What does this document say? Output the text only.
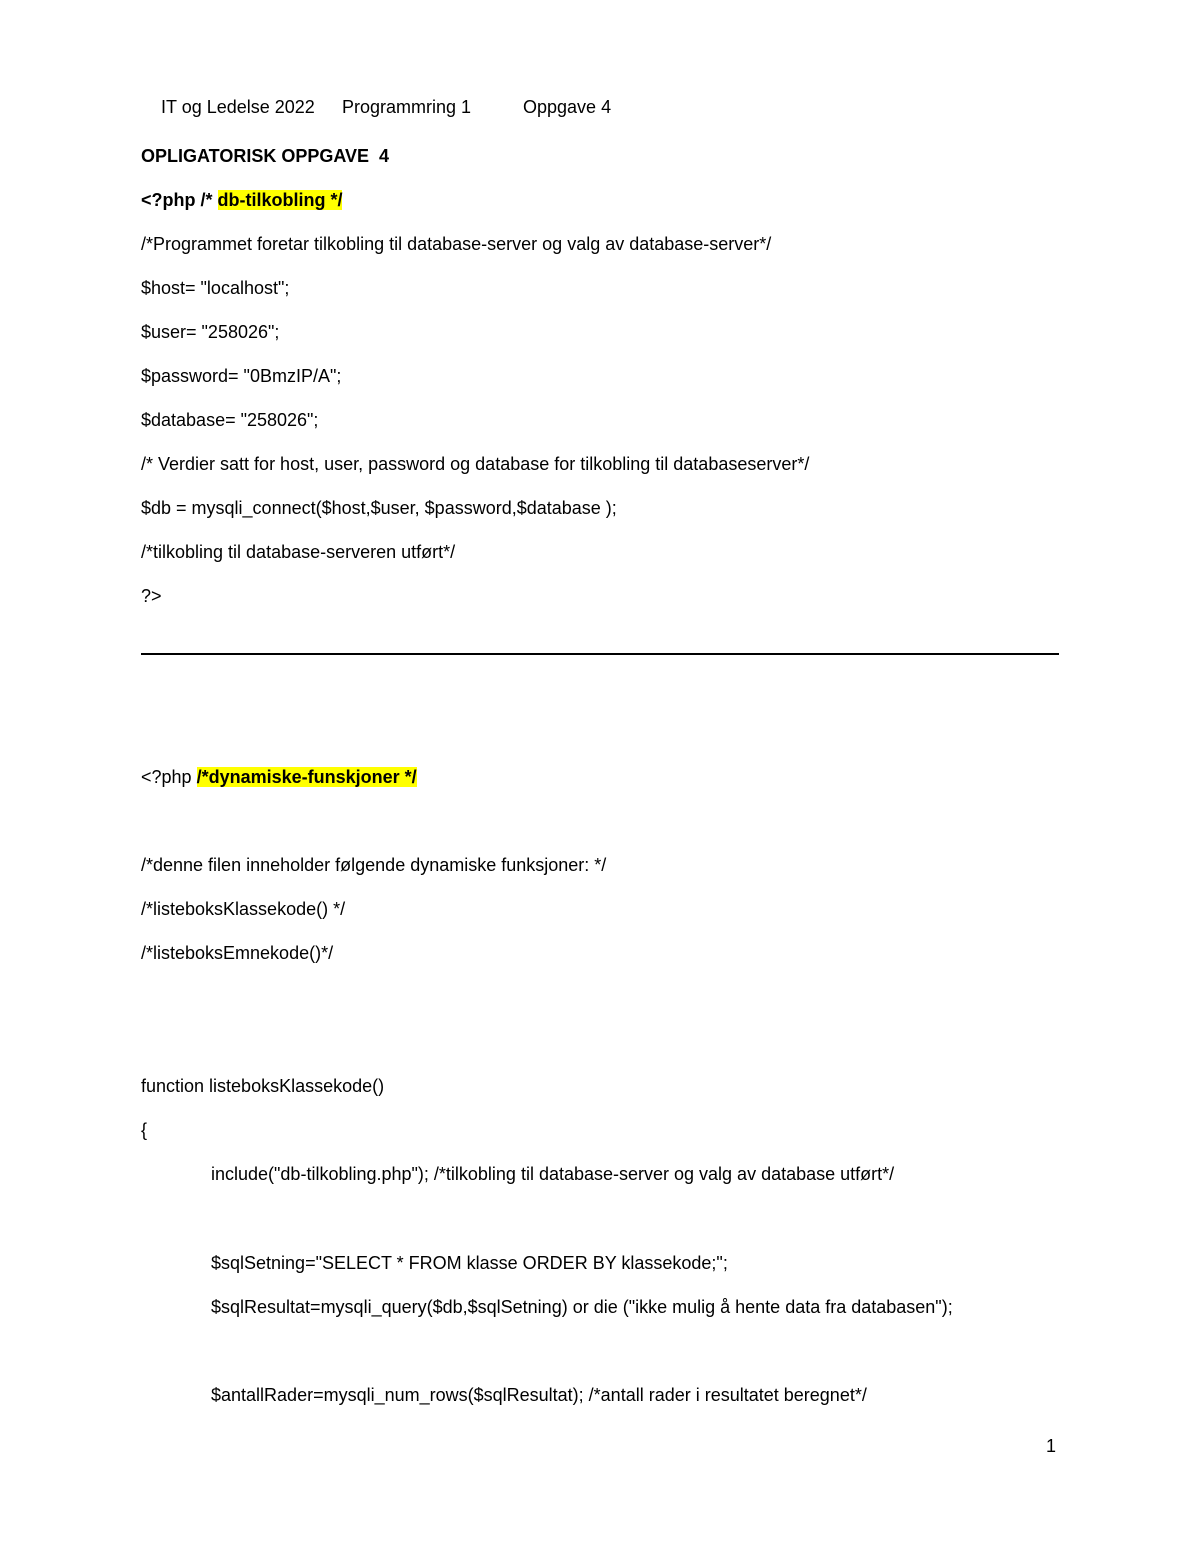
IT og Ledelse 2022 Programmring 1	Oppgave 4

OPLIGATORISK OPPGAVE  4
<?php /* db-tilkobling */
/*Programmet foretar tilkobling til database-server og valg av database-server*/
$host= "localhost";
$user= "258026";
$password= "0BmzIP/A";
$database= "258026";
/* Verdier satt for host, user, password og database for tilkobling til databaseserver*/
$db = mysqli_connect($host,$user, $password,$database );
/*tilkobling til database-serveren utført*/
?>
<?php /*dynamiske-funskjoner */
/*denne filen inneholder følgende dynamiske funksjoner: */
/*listeboksKlassekode() */
/*listeboksEmnekode()*/
function listeboksKlassekode()
{
include("db-tilkobling.php"); /*tilkobling til database-server og valg av database utført*/
$sqlSetning="SELECT * FROM klasse ORDER BY klassekode;";
$sqlResultat=mysqli_query($db,$sqlSetning) or die ("ikke mulig å hente data fra databasen");
$antallRader=mysqli_num_rows($sqlResultat); /*antall rader i resultatet beregnet*/
1
